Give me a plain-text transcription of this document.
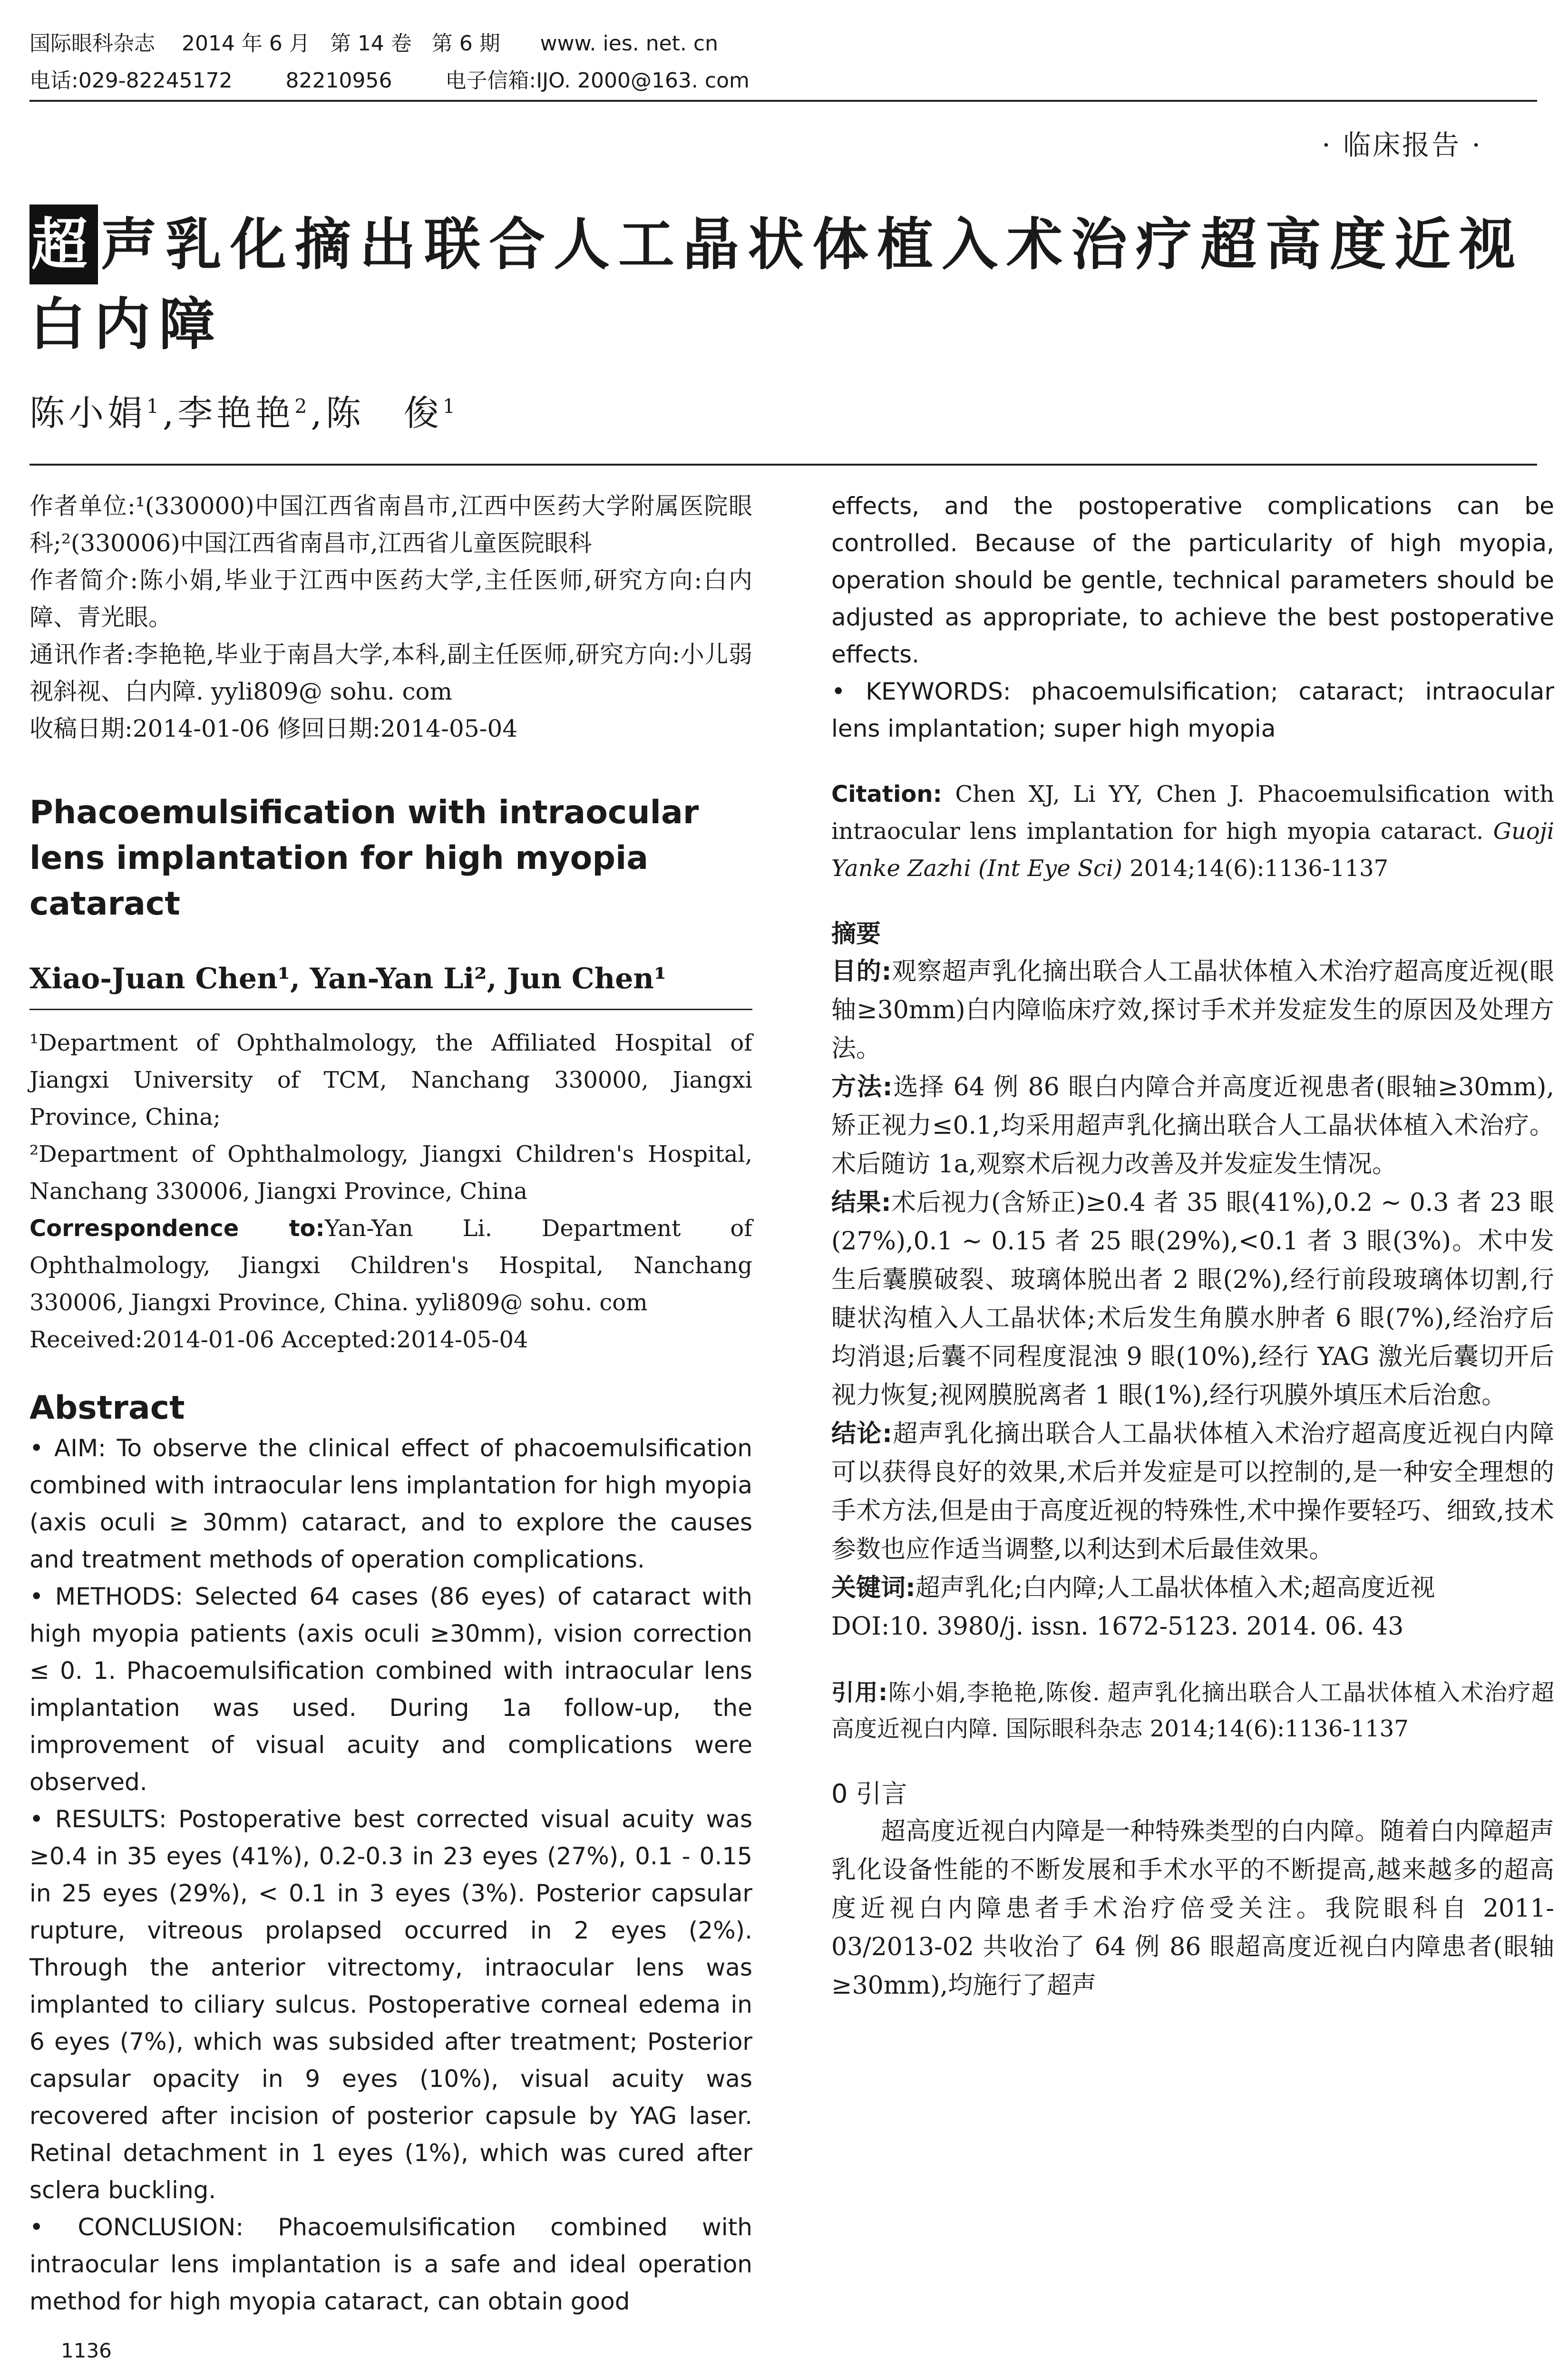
国际眼科杂志    2014 年 6 月   第 14 卷   第 6 期      www. ies. net. cn
电话:029-82245172        82210956        电子信箱:IJO. 2000@163. com
· 临床报告 ·
超声乳化摘出联合人工晶状体植入术治疗超高度近视白内障
陈小娟$^1$,李艳艳$^2$,陈　俊$^1$

作者单位:¹(330000)中国江西省南昌市,江西中医药大学附属医院眼科;²(330006)中国江西省南昌市,江西省儿童医院眼科

作者简介:陈小娟,毕业于江西中医药大学,主任医师,研究方向:白内障、青光眼。

通讯作者:李艳艳,毕业于南昌大学,本科,副主任医师,研究方向:小儿弱视斜视、白内障. yyli809@ sohu. com

收稿日期:2014-01-06 修回日期:2014-05-04

Phacoemulsification with intraocular lens implantation for high myopia cataract

Xiao-Juan Chen¹, Yan-Yan Li², Jun Chen¹

¹Department of Ophthalmology, the Affiliated Hospital of Jiangxi University of TCM, Nanchang 330000, Jiangxi Province, China;

²Department of Ophthalmology, Jiangxi Children's Hospital, Nanchang 330006, Jiangxi Province, China

Correspondence to:Yan-Yan Li. Department of Ophthalmology, Jiangxi Children's Hospital, Nanchang 330006, Jiangxi Province, China. yyli809@ sohu. com

Received:2014-01-06 Accepted:2014-05-04

Abstract

• AIM: To observe the clinical effect of phacoemulsification combined with intraocular lens implantation for high myopia (axis oculi ≥ 30mm) cataract, and to explore the causes and treatment methods of operation complications.

• METHODS: Selected 64 cases (86 eyes) of cataract with high myopia patients (axis oculi ≥30mm), vision correction ≤ 0. 1. Phacoemulsification combined with intraocular lens implantation was used. During 1a follow-up, the improvement of visual acuity and complications were observed.

• RESULTS: Postoperative best corrected visual acuity was ≥0.4 in 35 eyes (41%), 0.2-0.3 in 23 eyes (27%), 0.1 - 0.15 in 25 eyes (29%), < 0.1 in 3 eyes (3%). Posterior capsular rupture, vitreous prolapsed occurred in 2 eyes (2%). Through the anterior vitrectomy, intraocular lens was implanted to ciliary sulcus. Postoperative corneal edema in 6 eyes (7%), which was subsided after treatment; Posterior capsular opacity in 9 eyes (10%), visual acuity was recovered after incision of posterior capsule by YAG laser. Retinal detachment in 1 eyes (1%), which was cured after sclera buckling.

• CONCLUSION: Phacoemulsification combined with intraocular lens implantation is a safe and ideal operation method for high myopia cataract, can obtain good

effects, and the postoperative complications can be controlled. Because of the particularity of high myopia, operation should be gentle, technical parameters should be adjusted as appropriate, to achieve the best postoperative effects.

• KEYWORDS: phacoemulsification; cataract; intraocular lens implantation; super high myopia

Citation: Chen XJ, Li YY, Chen J. Phacoemulsification with intraocular lens implantation for high myopia cataract. Guoji Yanke Zazhi (Int Eye Sci) 2014;14(6):1136-1137

摘要

目的:观察超声乳化摘出联合人工晶状体植入术治疗超高度近视(眼轴≥30mm)白内障临床疗效,探讨手术并发症发生的原因及处理方法。

方法:选择 64 例 86 眼白内障合并高度近视患者(眼轴≥30mm),矫正视力≤0.1,均采用超声乳化摘出联合人工晶状体植入术治疗。术后随访 1a,观察术后视力改善及并发症发生情况。

结果:术后视力(含矫正)≥0.4 者 35 眼(41%),0.2 ~ 0.3 者 23 眼(27%),0.1 ~ 0.15 者 25 眼(29%),<0.1 者 3 眼(3%)。术中发生后囊膜破裂、玻璃体脱出者 2 眼(2%),经行前段玻璃体切割,行睫状沟植入人工晶状体;术后发生角膜水肿者 6 眼(7%),经治疗后均消退;后囊不同程度混浊 9 眼(10%),经行 YAG 激光后囊切开后视力恢复;视网膜脱离者 1 眼(1%),经行巩膜外填压术后治愈。

结论:超声乳化摘出联合人工晶状体植入术治疗超高度近视白内障可以获得良好的效果,术后并发症是可以控制的,是一种安全理想的手术方法,但是由于高度近视的特殊性,术中操作要轻巧、细致,技术参数也应作适当调整,以利达到术后最佳效果。

关键词:超声乳化;白内障;人工晶状体植入术;超高度近视

DOI:10. 3980/j. issn. 1672-5123. 2014. 06. 43

引用:陈小娟,李艳艳,陈俊. 超声乳化摘出联合人工晶状体植入术治疗超高度近视白内障. 国际眼科杂志 2014;14(6):1136-1137

0 引言

超高度近视白内障是一种特殊类型的白内障。随着白内障超声乳化设备性能的不断发展和手术水平的不断提高,越来越多的超高度近视白内障患者手术治疗倍受关注。我院眼科自 2011-03/2013-02 共收治了 64 例 86 眼超高度近视白内障患者(眼轴≥30mm),均施行了超声

1136
